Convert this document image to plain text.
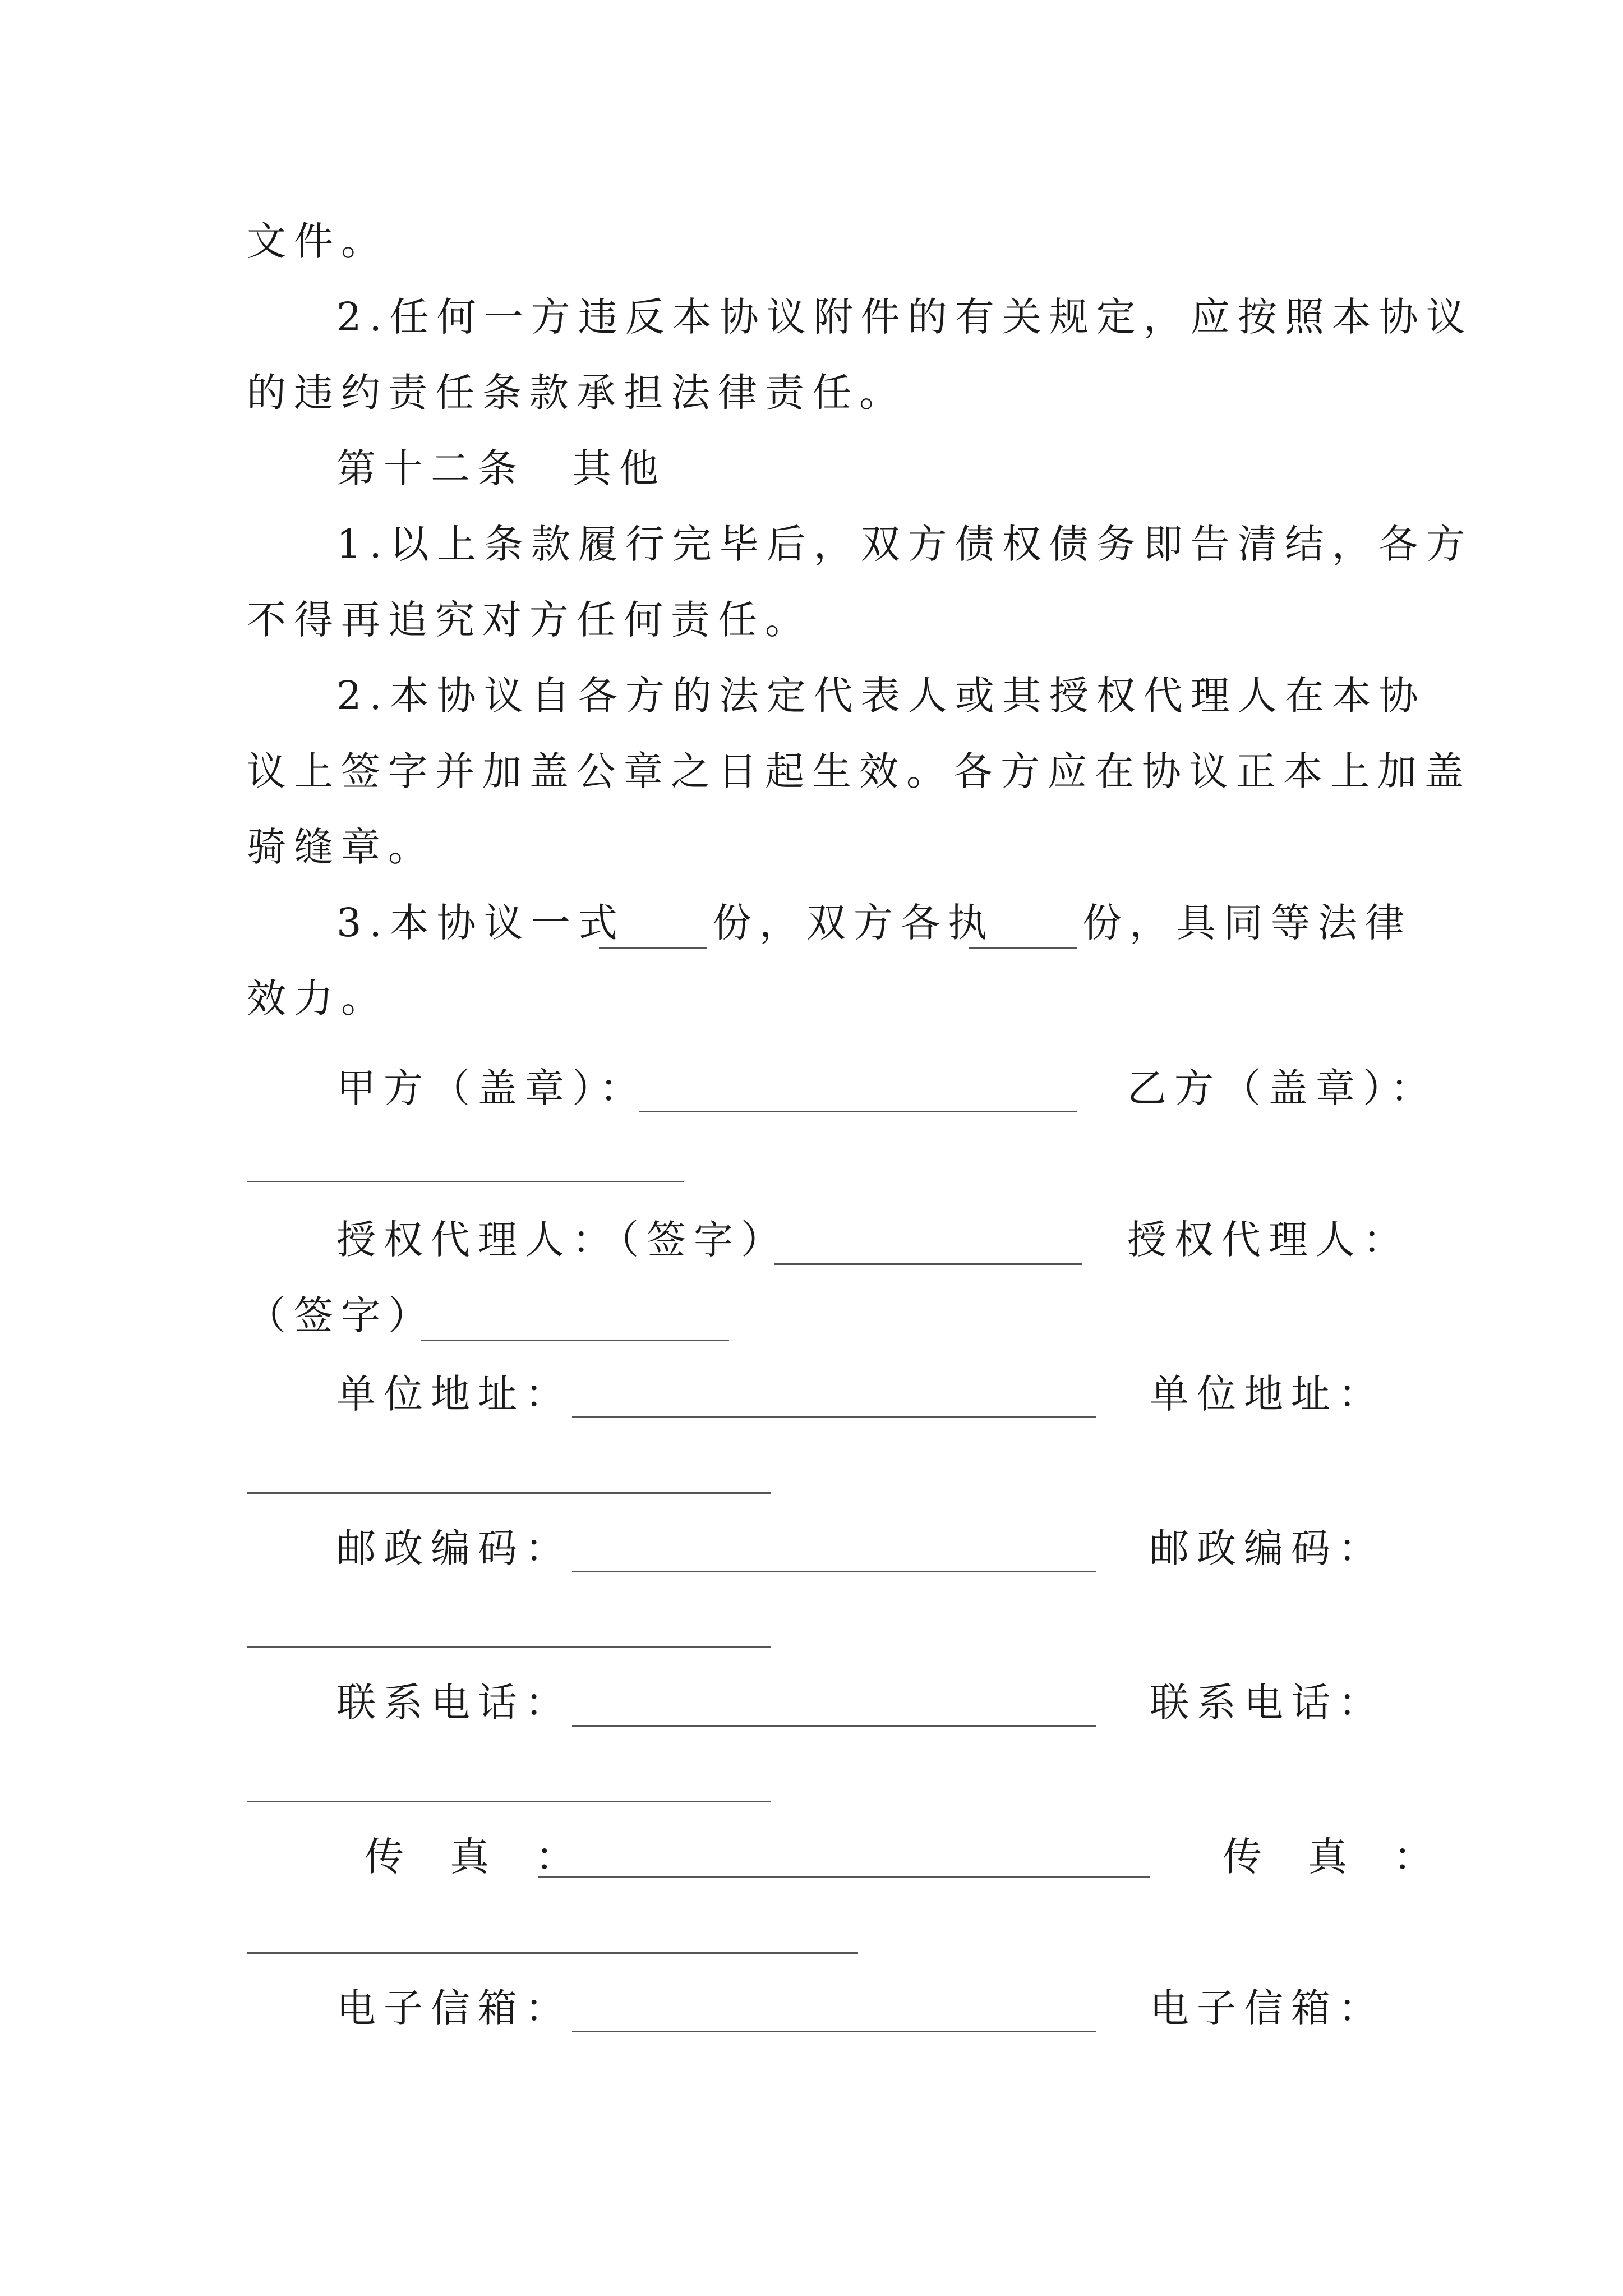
文件。
2.任何一方违反本协议附件的有关规定，应按照本协议
的违约责任条款承担法律责任。
第十二条　其他
1.以上条款履行完毕后，双方债权债务即告清结，各方
不得再追究对方任何责任。
2.本协议自各方的法定代表人或其授权代理人在本协
议上签字并加盖公章之日起生效。各方应在协议正本上加盖
骑缝章。
3.本协议一式 份，双方各执 份，具同等法律
效力。
甲方（盖章）：	乙方（盖章）：
授权代理人：（签字）	授权代理人：
（签字）
单位地址：	单位地址：
邮政编码：	邮政编码：
联系电话：	联系电话：
传 真 ：	传 真 ：
电子信箱：	电子信箱：
